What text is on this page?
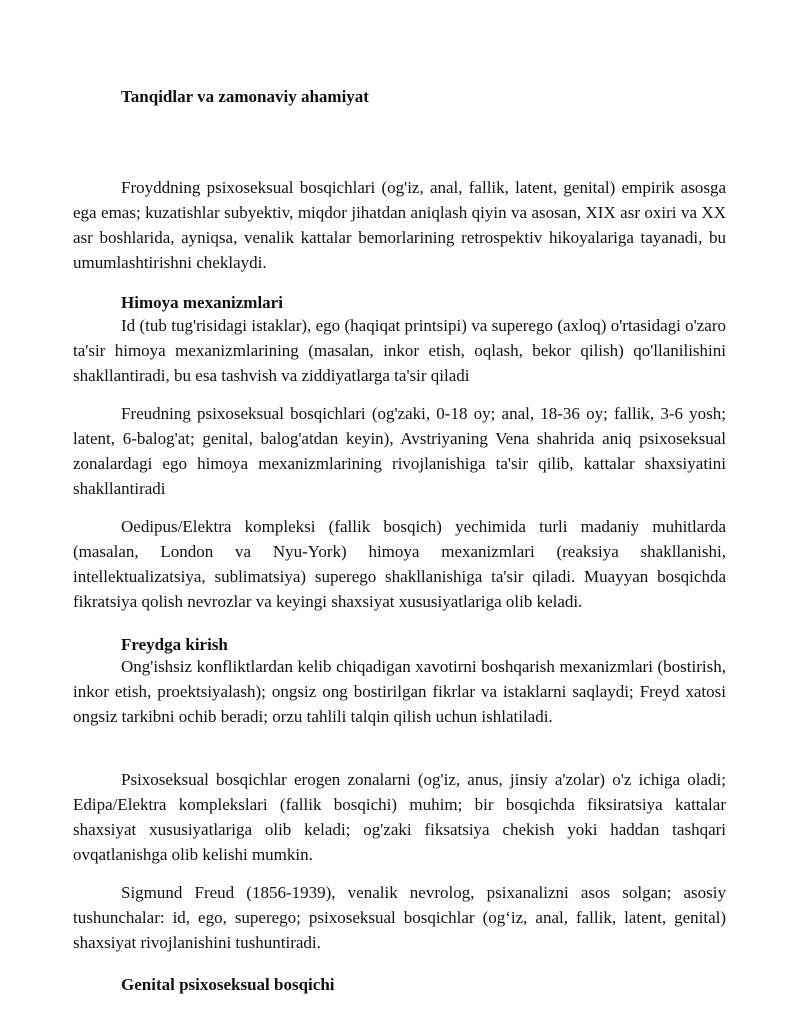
Tanqidlar va zamonaviy ahamiyat

Froyddning psixoseksual bosqichlari (og'iz, anal, fallik, latent, genital) empirik asosga ega emas; kuzatishlar subyektiv, miqdor jihatdan aniqlash qiyin va asosan, XIX asr oxiri va XX asr boshlarida, ayniqsa, venalik kattalar bemorlarining retrospektiv hikoyalariga tayanadi, bu umumlashtirishni cheklaydi.

Himoya mexanizmlari

Id (tub tug'risidagi istaklar), ego (haqiqat printsipi) va superego (axloq) o'rtasidagi o'zaro ta'sir himoya mexanizmlarining (masalan, inkor etish, oqlash, bekor qilish) qo'llanilishini shakllantiradi, bu esa tashvish va ziddiyatlarga ta'sir qiladi

Freudning psixoseksual bosqichlari (og'zaki, 0-18 oy; anal, 18-36 oy; fallik, 3-6 yosh; latent, 6-balog'at; genital, balog'atdan keyin), Avstriyaning Vena shahrida aniq psixoseksual zonalardagi ego himoya mexanizmlarining rivojlanishiga ta'sir qilib, kattalar shaxsiyatini shakllantiradi

Oedipus/Elektra kompleksi (fallik bosqich) yechimida turli madaniy muhitlarda (masalan, London va Nyu-York) himoya mexanizmlari (reaksiya shakllanishi, intellektualizatsiya, sublimatsiya) superego shakllanishiga ta'sir qiladi. Muayyan bosqichda fikratsiya qolish nevrozlar va keyingi shaxsiyat xususiyatlariga olib keladi.

Freydga kirish

Ong'ishsiz konfliktlardan kelib chiqadigan xavotirni boshqarish mexanizmlari (bostirish, inkor etish, proektsiyalash); ongsiz ong bostirilgan fikrlar va istaklarni saqlaydi; Freyd xatosi ongsiz tarkibni ochib beradi; orzu tahlili talqin qilish uchun ishlatiladi.

Psixoseksual bosqichlar erogen zonalarni (og'iz, anus, jinsiy a'zolar) o'z ichiga oladi; Edipa/Elektra komplekslari (fallik bosqichi) muhim; bir bosqichda fiksiratsiya kattalar shaxsiyat xususiyatlariga olib keladi; og'zaki fiksatsiya chekish yoki haddan tashqari ovqatlanishga olib kelishi mumkin.

Sigmund Freud (1856-1939), venalik nevrolog, psixanalizni asos solgan; asosiy tushunchalar: id, ego, superego; psixoseksual bosqichlar (og‘iz, anal, fallik, latent, genital) shaxsiyat rivojlanishini tushuntiradi.

Genital psixoseksual bosqichi
